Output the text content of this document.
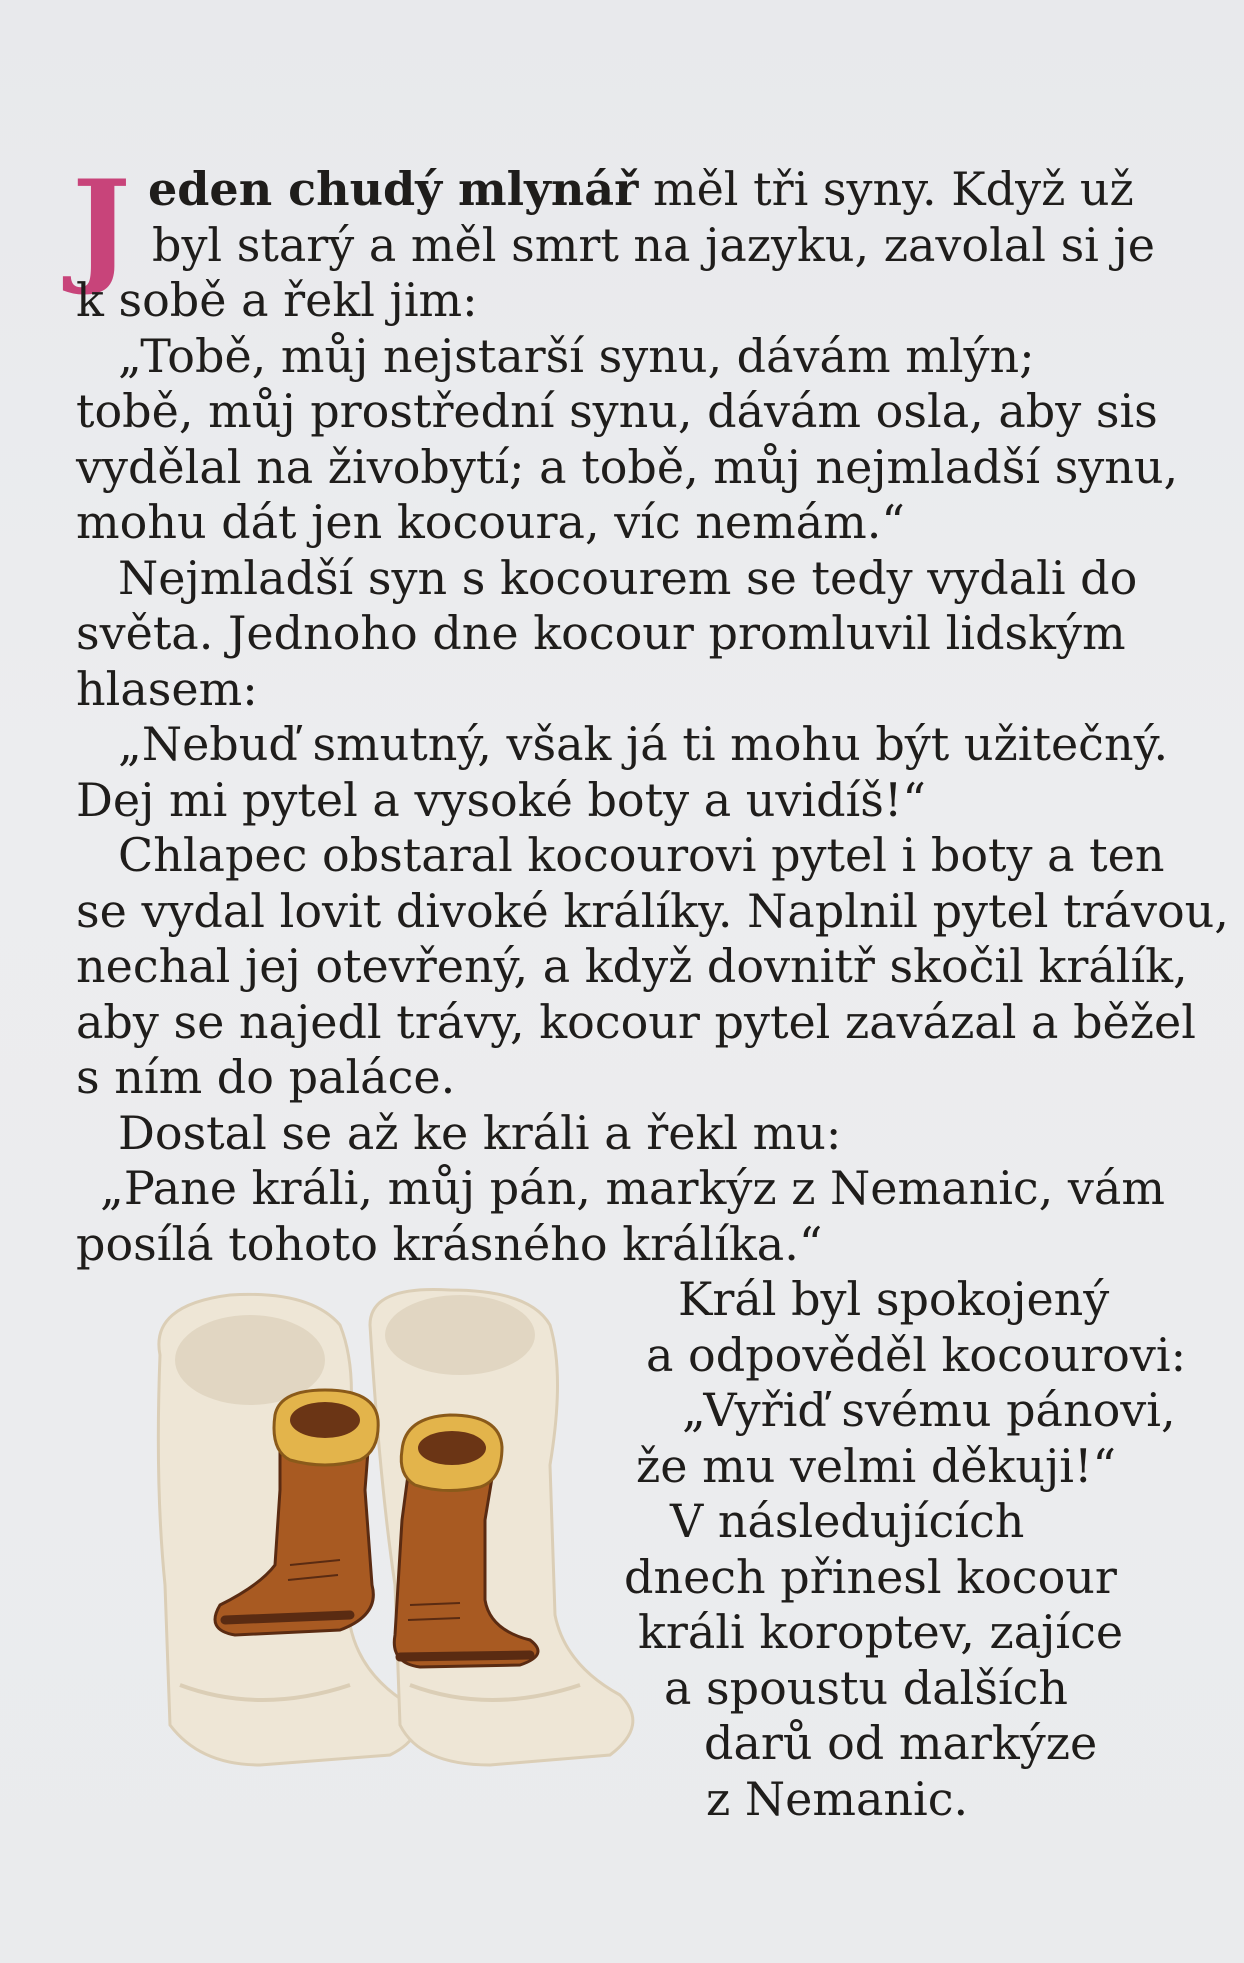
J eden chudý mlynář měl tři syny. Když už
byl starý a měl smrt na jazyku, zavolal si je
k sobě a řekl jim:
„Tobě, můj nejstarší synu, dávám mlýn;
tobě, můj prostřední synu, dávám osla, aby sis
vydělal na živobytí; a tobě, můj nejmladší synu,
mohu dát jen kocoura, víc nemám.“
Nejmladší syn s kocourem se tedy vydali do
světa. Jednoho dne kocour promluvil lidským
hlasem:
„Nebuď smutný, však já ti mohu být užitečný.
Dej mi pytel a vysoké boty a uvidíš!“
Chlapec obstaral kocourovi pytel i boty a ten
se vydal lovit divoké králíky. Naplnil pytel trávou,
nechal jej otevřený, a když dovnitř skočil králík,
aby se najedl trávy, kocour pytel zavázal a běžel
s ním do paláce.
Dostal se až ke králi a řekl mu:
„Pane králi, můj pán, markýz z Nemanic, vám
posílá tohoto krásného králíka.“
Král byl spokojený
a odpověděl kocourovi:
„Vyřiď svému pánovi,
že mu velmi děkuji!“
V následujících
dnech přinesl kocour
králi koroptev, zajíce
a spoustu dalších
darů od markýze
z Nemanic.
